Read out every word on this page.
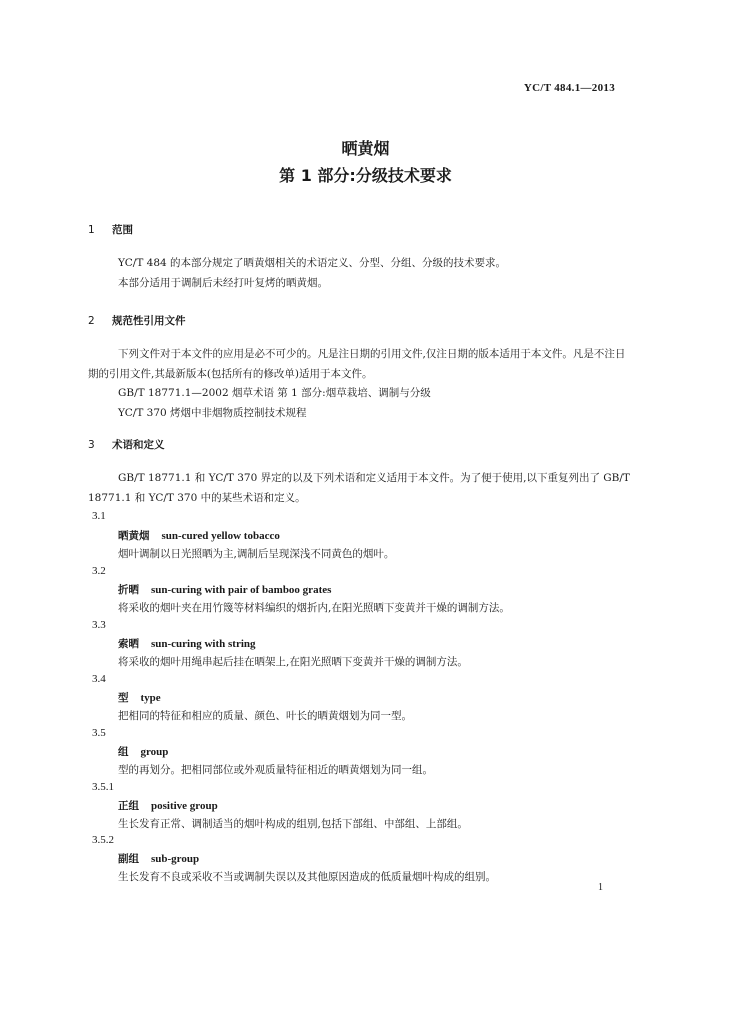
YC/T 484.1—2013
晒黄烟
第 1 部分:分级技术要求
1 范围
YC/T 484 的本部分规定了晒黄烟相关的术语定义、分型、分组、分级的技术要求。
本部分适用于调制后未经打叶复烤的晒黄烟。
2 规范性引用文件
下列文件对于本文件的应用是必不可少的。凡是注日期的引用文件,仅注日期的版本适用于本文件。凡是不注日期的引用文件,其最新版本(包括所有的修改单)适用于本文件。
GB/T 18771.1—2002 烟草术语 第 1 部分:烟草栽培、调制与分级
YC/T 370 烤烟中非烟物质控制技术规程
3 术语和定义
GB/T 18771.1 和 YC/T 370 界定的以及下列术语和定义适用于本文件。为了便于使用,以下重复列出了 GB/T 18771.1 和 YC/T 370 中的某些术语和定义。
3.1
晒黄烟 sun-cured yellow tobacco
烟叶调制以日光照晒为主,调制后呈现深浅不同黄色的烟叶。
3.2
折晒 sun-curing with pair of bamboo grates
将采收的烟叶夹在用竹篾等材料编织的烟折内,在阳光照晒下变黄并干燥的调制方法。
3.3
索晒 sun-curing with string
将采收的烟叶用绳串起后挂在晒架上,在阳光照晒下变黄并干燥的调制方法。
3.4
型 type
把相同的特征和相应的质量、颜色、叶长的晒黄烟划为同一型。
3.5
组 group
型的再划分。把相同部位或外观质量特征相近的晒黄烟划为同一组。
3.5.1
正组 positive group
生长发育正常、调制适当的烟叶构成的组别,包括下部组、中部组、上部组。
3.5.2
副组 sub-group
生长发育不良或采收不当或调制失误以及其他原因造成的低质量烟叶构成的组别。
1
